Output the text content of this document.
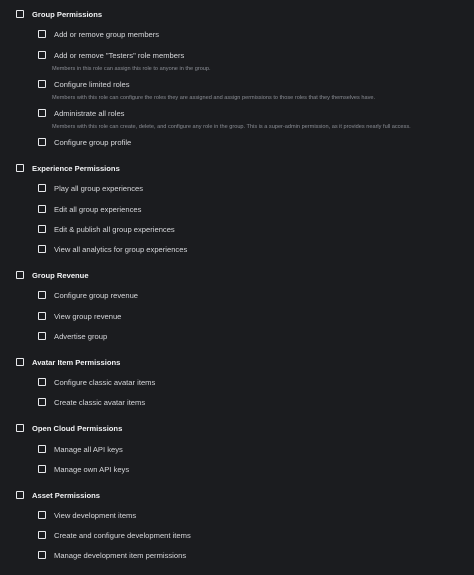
Group Permissions
Add or remove group members
Add or remove "Testers" role members
Members in this role can assign this role to anyone in the group.
Configure limited roles
Members with this role can configure the roles they are assigned and assign permissions to those roles that they themselves have.
Administrate all roles
Members with this role can create, delete, and configure any role in the group. This is a super-admin permission, as it provides nearly full access.
Configure group profile
Experience Permissions
Play all group experiences
Edit all group experiences
Edit & publish all group experiences
View all analytics for group experiences
Group Revenue
Configure group revenue
View group revenue
Advertise group
Avatar Item Permissions
Configure classic avatar items
Create classic avatar items
Open Cloud Permissions
Manage all API keys
Manage own API keys
Asset Permissions
View development items
Create and configure development items
Manage development item permissions
